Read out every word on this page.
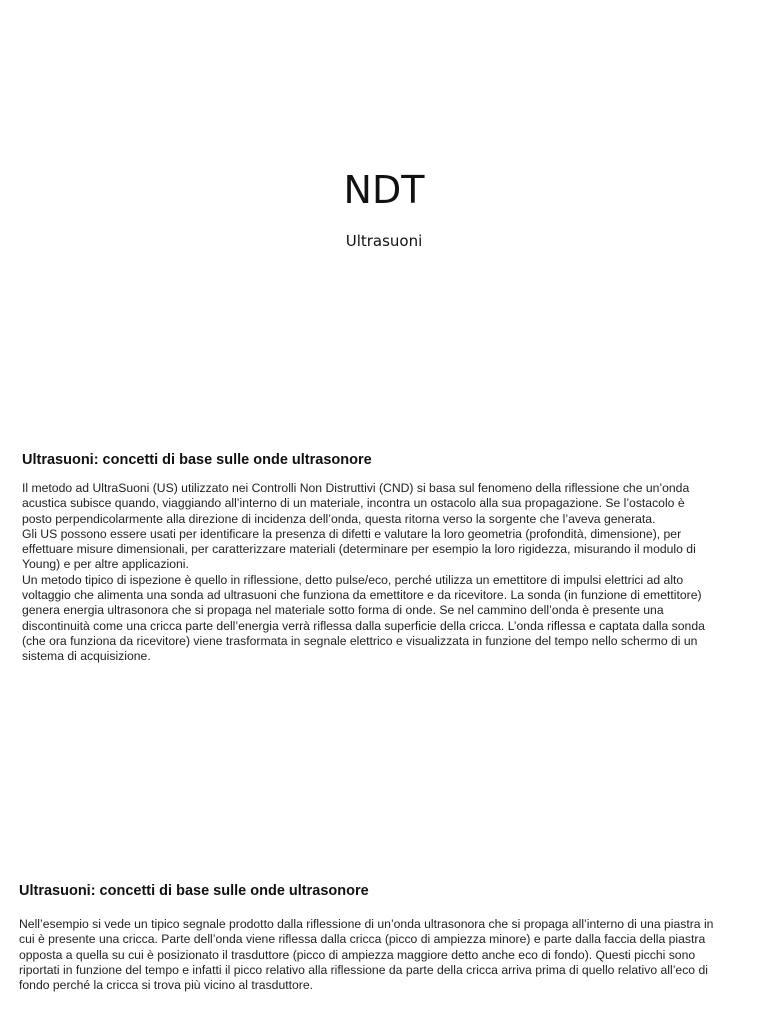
NDT
Ultrasuoni
Ultrasuoni: concetti di base sulle onde ultrasonore

Il metodo ad UltraSuoni (US) utilizzato nei Controlli Non Distruttivi (CND) si basa sul fenomeno della riflessione che un’onda acustica subisce quando, viaggiando all’interno di un materiale, incontra un ostacolo alla sua propagazione. Se l’ostacolo è posto perpendicolarmente alla direzione di incidenza dell’onda, questa ritorna verso la sorgente che l’aveva generata.

Gli US possono essere usati per identificare la presenza di difetti e valutare la loro geometria (profondità, dimensione), per effettuare misure dimensionali, per caratterizzare materiali (determinare per esempio la loro rigidezza, misurando il modulo di Young) e per altre applicazioni.

Un metodo tipico di ispezione è quello in riflessione, detto pulse/eco, perché utilizza un emettitore di impulsi elettrici ad alto voltaggio che alimenta una sonda ad ultrasuoni che funziona da emettitore e da ricevitore. La sonda (in funzione di emettitore) genera energia ultrasonora che si propaga nel materiale sotto forma di onde. Se nel cammino dell’onda è presente una discontinuità come una cricca parte dell’energia verrà riflessa dalla superficie della cricca. L’onda riflessa e captata dalla sonda (che ora funziona da ricevitore) viene trasformata in segnale elettrico e visualizzata in funzione del tempo nello schermo di un sistema di acquisizione.

Ultrasuoni: concetti di base sulle onde ultrasonore

Nell’esempio si vede un tipico segnale prodotto dalla riflessione di un’onda ultrasonora che si propaga all’interno di una piastra in cui è presente una cricca. Parte dell’onda viene riflessa dalla cricca (picco di ampiezza minore) e parte dalla faccia della piastra opposta a quella su cui è posizionato il trasduttore (picco di ampiezza maggiore detto anche eco di fondo). Questi picchi sono riportati in funzione del tempo e infatti il picco relativo alla riflessione da parte della cricca arriva prima di quello relativo all’eco di fondo perché la cricca si trova più vicino al trasduttore.
